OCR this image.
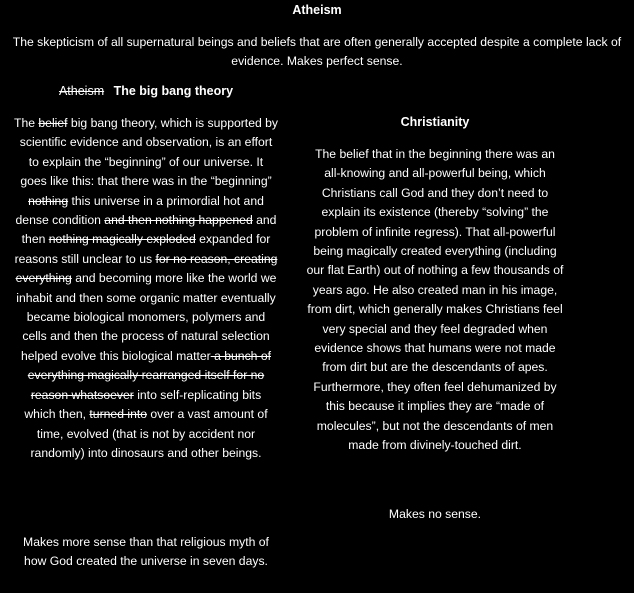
Atheism
The skepticism of all supernatural beings and beliefs that are often generally accepted despite a complete lack of evidence. Makes perfect sense.
Atheism The big bang theory
The belief big bang theory, which is supported by scientific evidence and observation, is an effort to explain the “beginning” of our universe. It goes like this: that there was in the “beginning” nothing this universe in a primordial hot and dense condition and then nothing happened and then nothing magically exploded expanded for reasons still unclear to us for no reason, creating everything and becoming more like the world we inhabit and then some organic matter eventually became biological monomers, polymers and cells and then the process of natural selection helped evolve this biological matter a bunch of everything magically rearranged itself for no reason whatsoever into self-replicating bits which then, turned into over a vast amount of time, evolved (that is not by accident nor randomly) into dinosaurs and other beings.
Makes more sense than that religious myth of how God created the universe in seven days.
Christianity
The belief that in the beginning there was an all-knowing and all-powerful being, which Christians call God and they don’t need to explain its existence (thereby “solving” the problem of infinite regress). That all-powerful being magically created everything (including our flat Earth) out of nothing a few thousands of years ago. He also created man in his image, from dirt, which generally makes Christians feel very special and they feel degraded when evidence shows that humans were not made from dirt but are the descendants of apes. Furthermore, they often feel dehumanized by this because it implies they are “made of molecules”, but not the descendants of men made from divinely-touched dirt.
Makes no sense.
